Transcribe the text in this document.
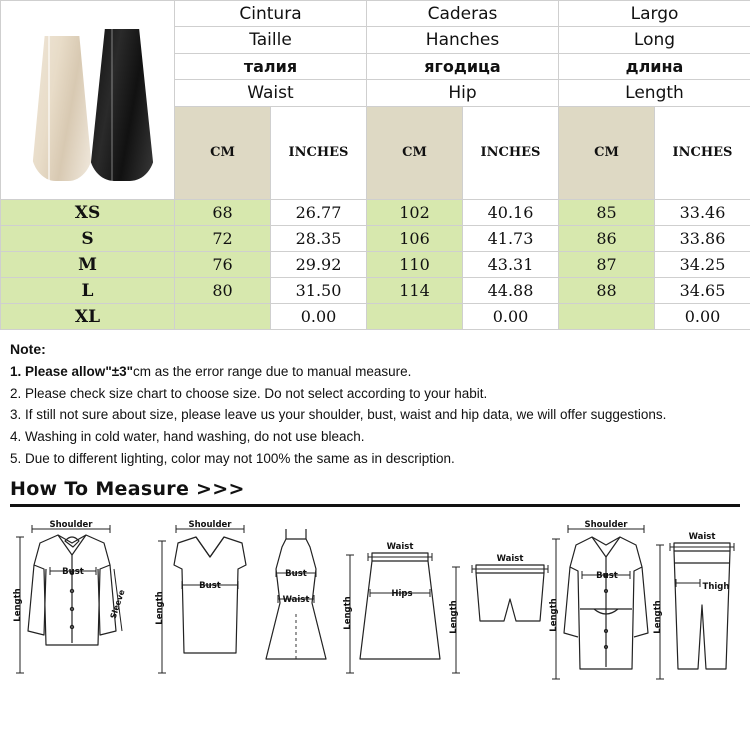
	Cintura		Caderas		Largo	
	Taille		Hanches		Long	
	талия		ягодица		длина	
	Waist		Hip		Length	
	CM	INCHES	CM	INCHES	CM	INCHES
XS	68	26.77	102	40.16	85	33.46
S	72	28.35	106	41.73	86	33.86
M	76	29.92	110	43.31	87	34.25
L	80	31.50	114	44.88	88	34.65
XL		0.00		0.00		0.00
Note:
1. Please allow"±3"cm as the error range due to manual measure.
2. Please check size chart to choose size. Do not select according to your habit.
3. If still not sure about size, please leave us your shoulder, bust, waist and hip data, we will offer suggestions.
4. Washing in cold water, hand washing, do not use bleach.
5. Due to different lighting, color may not 100% the same as in description.
How To Measure >>>
Shoulder
Bust
Sleeve
Length
Shoulder
Bust
Length
Bust
Waist
Waist
Hips
Length
Waist
Length
Shoulder
Bust
Length
Waist
Thigh
Length
